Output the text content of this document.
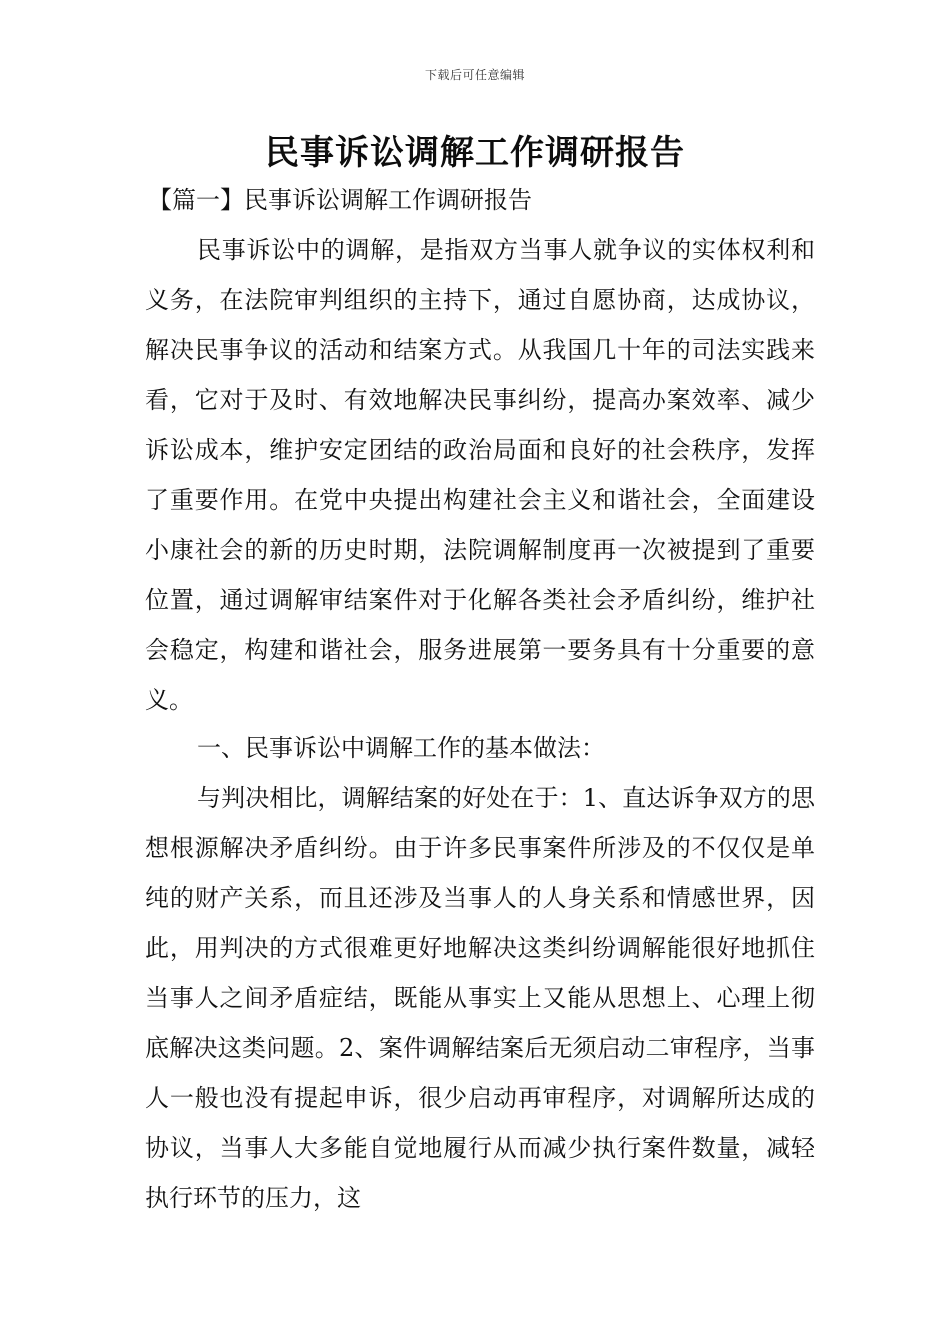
下载后可任意编辑
民事诉讼调解工作调研报告
【篇一】民事诉讼调解工作调研报告

民事诉讼中的调解，是指双方当事人就争议的实体权利和义务，在法院审判组织的主持下，通过自愿协商，达成协议，解决民事争议的活动和结案方式。从我国几十年的司法实践来看，它对于及时、有效地解决民事纠纷，提高办案效率、减少诉讼成本，维护安定团结的政治局面和良好的社会秩序，发挥了重要作用。在党中央提出构建社会主义和谐社会，全面建设小康社会的新的历史时期，法院调解制度再一次被提到了重要位置，通过调解审结案件对于化解各类社会矛盾纠纷，维护社会稳定，构建和谐社会，服务进展第一要务具有十分重要的意义。

一、民事诉讼中调解工作的基本做法：

与判决相比，调解结案的好处在于：1、直达诉争双方的思想根源解决矛盾纠纷。由于许多民事案件所涉及的不仅仅是单纯的财产关系，而且还涉及当事人的人身关系和情感世界，因此，用判决的方式很难更好地解决这类纠纷调解能很好地抓住当事人之间矛盾症结，既能从事实上又能从思想上、心理上彻底解决这类问题。2、案件调解结案后无须启动二审程序，当事人一般也没有提起申诉，很少启动再审程序，对调解所达成的协议，当事人大多能自觉地履行从而减少执行案件数量，减轻执行环节的压力，这
